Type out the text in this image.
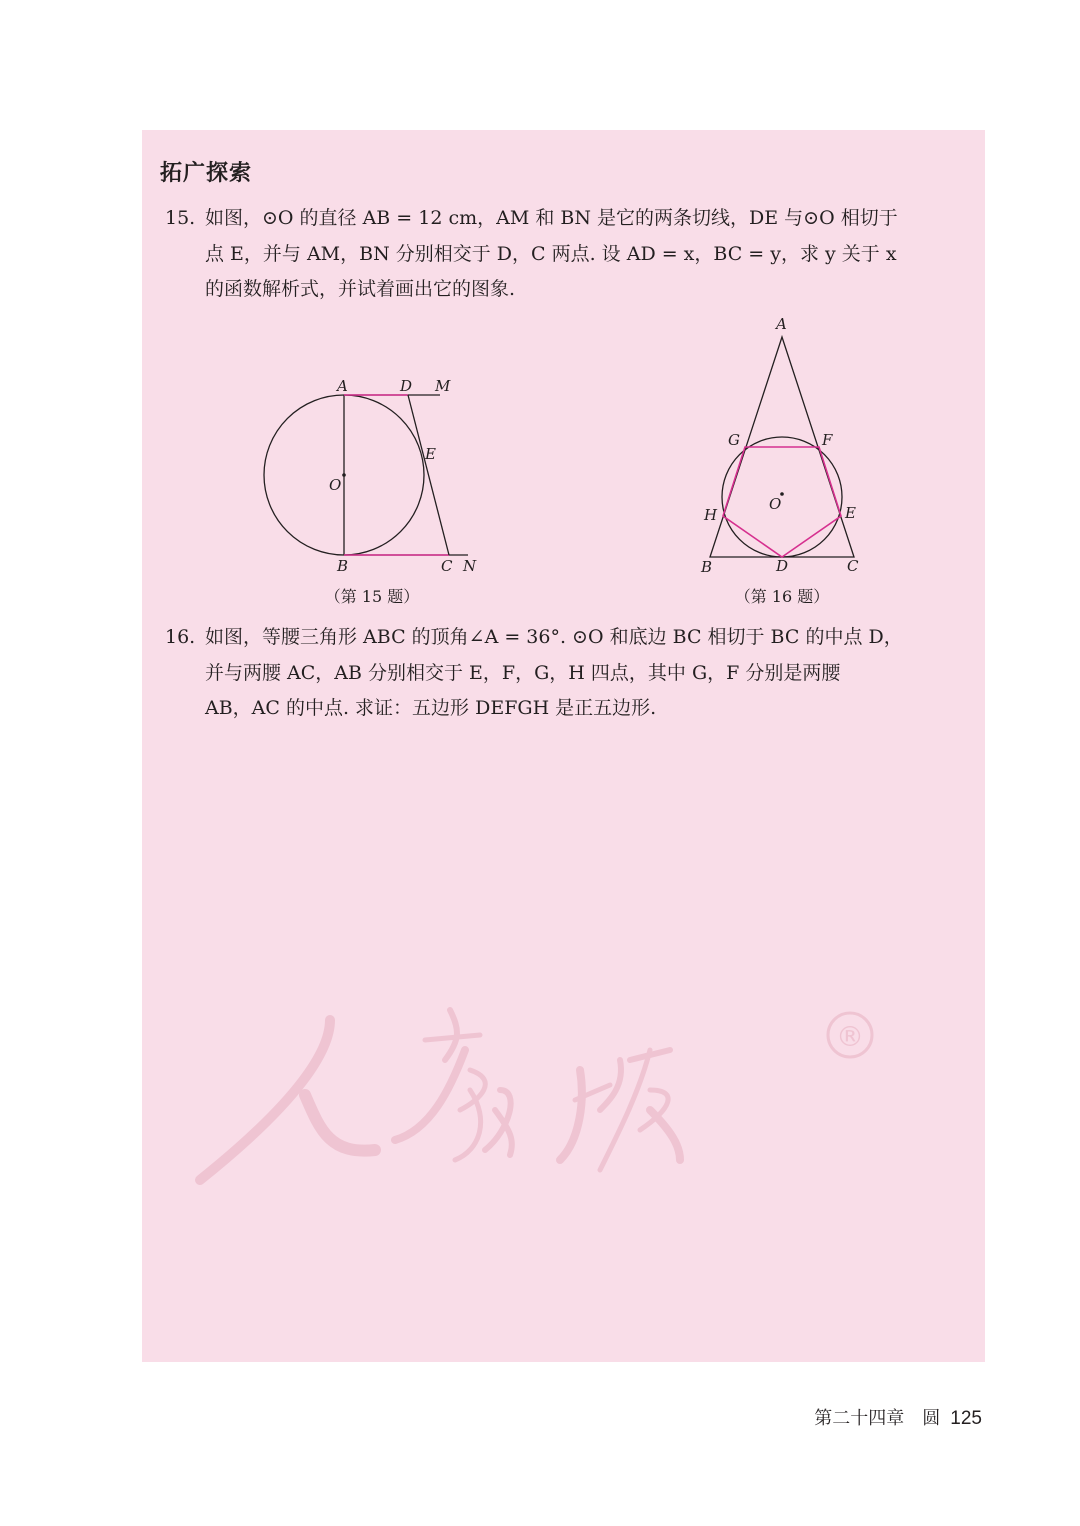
拓广探索
15. 如图，⊙O 的直径 AB = 12 cm，AM 和 BN 是它的两条切线，DE 与⊙O 相切于
点 E，并与 AM，BN 分别相交于 D，C 两点. 设 AD = x，BC = y，求 y 关于 x
的函数解析式，并试着画出它的图象.
A	D M
E
O
B	C N
（第 15 题）
A
G	F
O
H	E
B	D	C
（第 16 题）
16. 如图，等腰三角形 ABC 的顶角∠A = 36°. ⊙O 和底边 BC 相切于 BC 的中点 D，
并与两腰 AC，AB 分别相交于 E，F，G，H 四点，其中 G，F 分别是两腰
AB，AC 的中点. 求证：五边形 DEFGH 是正五边形.
®
第二十四章 圆 125
